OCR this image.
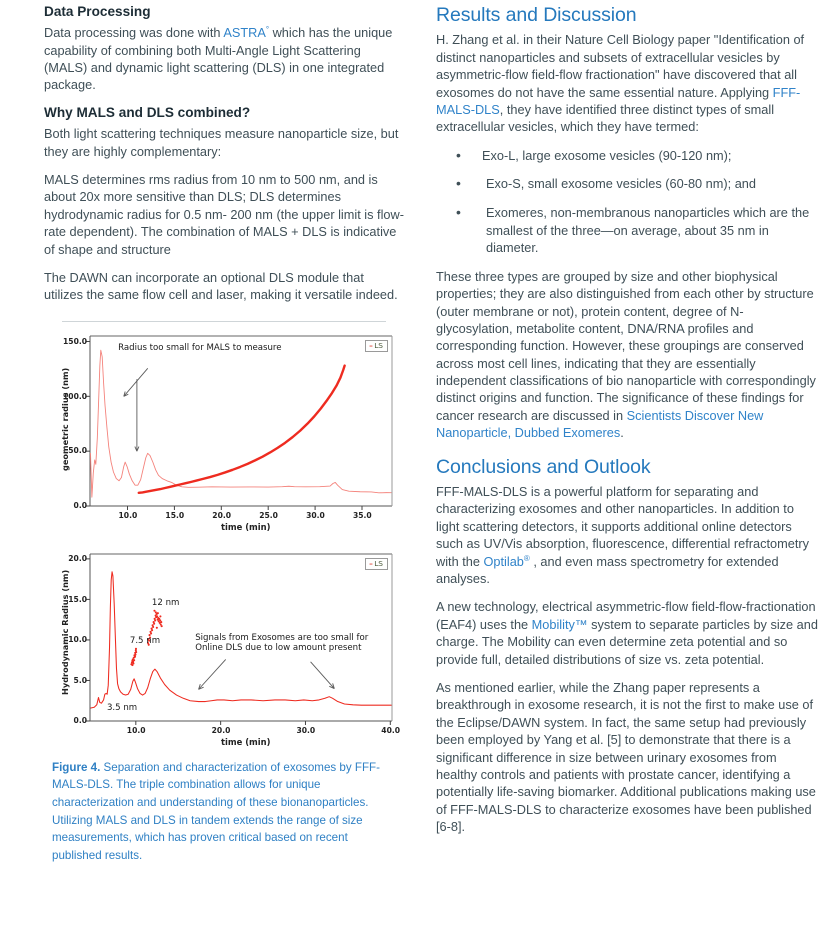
Data Processing

Data processing was done with ASTRA° which has the unique capability of combining both Multi-Angle Light Scattering (MALS) and dynamic light scattering (DLS) in one integrated package.

Why MALS and DLS combined?

Both light scattering techniques measure nanoparticle size, but they are highly complementary:

MALS determines rms radius from 10 nm to 500 nm, and is about 20x more sensitive than DLS; DLS determines hydrodynamic radius for 0.5 nm- 200 nm (the upper limit is flow-rate dependent). The combination of MALS + DLS is indicative of shape and structure

The DAWN can incorporate an optional DLS module that utilizes the same flow cell and laser, making it versatile indeed.

geometric radius (nm)
time (min)
10.0	15.0	20.0	25.0	30.0	35.0
0.0
50.0
100.0
150.0	– LS
Radius too small for MALS to measure
Hydrodynamic Radius (nm)
time (min)
10.0	20.0	30.0	40.0
0.0
5.0
10.0
15.0
20.0
– LS
12 nm
7.5 nm
3.5 nm
Signals from Exosomes are too small for
Online DLS due to low amount present

Figure 4. Separation and characterization of exosomes by FFF-MALS-DLS. The triple combination allows for unique characterization and understanding of these bionanoparticles. Utilizing MALS and DLS in tandem extends the range of size measurements, which has proven critical based on recent published results.

Results and Discussion

H. Zhang et al. in their Nature Cell Biology paper "Identification of distinct nanoparticles and subsets of extracellular vesicles by asymmetric-flow field-flow fractionation" have discovered that all exosomes do not have the same essential nature. Applying FFF-MALS-DLS, they have identified three distinct types of small extracellular vesicles, which they have termed:

• Exo-L, large exosome vesicles (90-120 nm);
• Exo-S, small exosome vesicles (60-80 nm); and
• Exomeres, non-membranous nanoparticles which are the smallest of the three—on average, about 35 nm in diameter.

These three types are grouped by size and other biophysical properties; they are also distinguished from each other by structure (outer membrane or not), protein content, degree of N-glycosylation, metabolite content, DNA/RNA profiles and corresponding function. However, these groupings are conserved across most cell lines, indicating that they are essentially independent classifications of bio nanoparticle with correspondingly distinct origins and function. The significance of these findings for cancer research are discussed in Scientists Discover New Nanoparticle, Dubbed Exomeres.

Conclusions and Outlook

FFF-MALS-DLS is a powerful platform for separating and characterizing exosomes and other nanoparticles. In addition to light scattering detectors, it supports additional online detectors such as UV/Vis absorption, fluorescence, differential refractometry with the Optilab® , and even mass spectrometry for extended analyses.

A new technology, electrical asymmetric-flow field-flow-fractionation (EAF4) uses the Mobility™ system to separate particles by size and charge. The Mobility can even determine zeta potential and so provide full, detailed distributions of size vs. zeta potential.

As mentioned earlier, while the Zhang paper represents a breakthrough in exosome research, it is not the first to make use of the Eclipse/DAWN system. In fact, the same setup had previously been employed by Yang et al. [5] to demonstrate that there is a significant difference in size between urinary exosomes from healthy controls and patients with prostate cancer, identifying a potentially life-saving biomarker. Additional publications making use of FFF-MALS-DLS to characterize exosomes have been published [6-8].
